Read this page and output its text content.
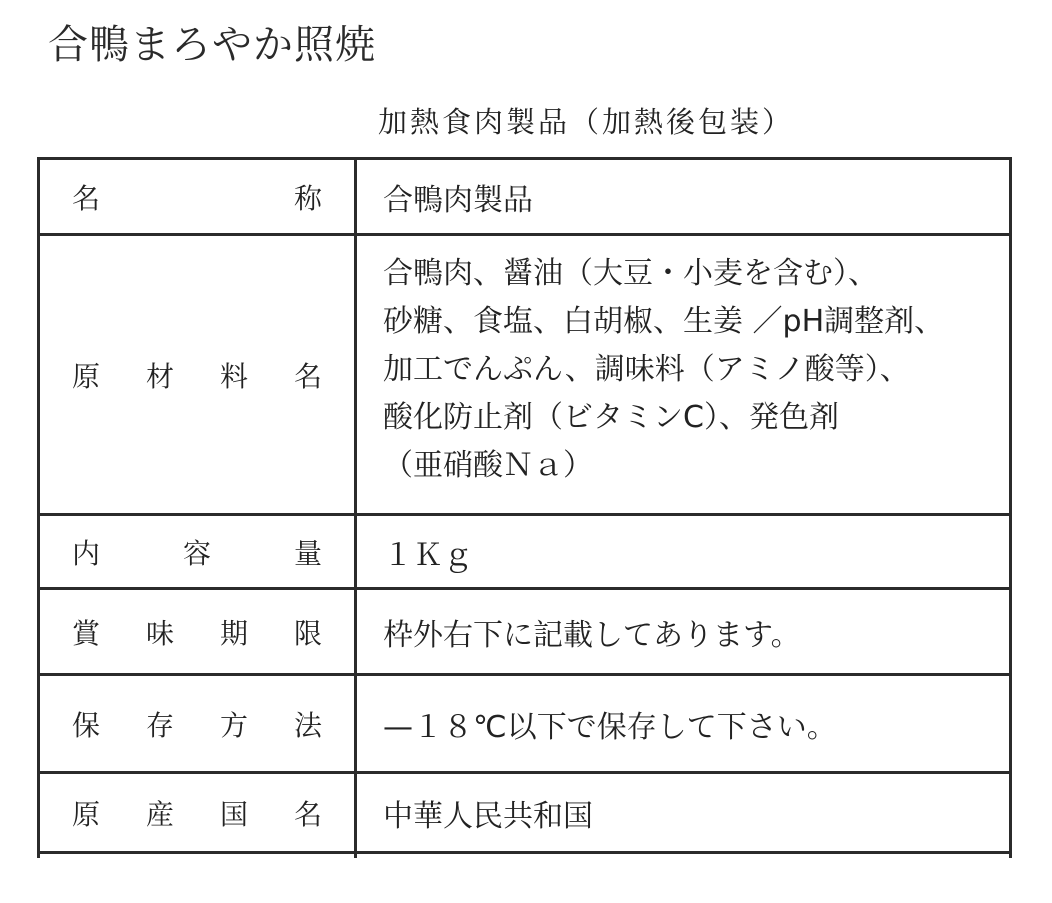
合鴨まろやか照焼
加熱食肉製品（加熱後包装）
名 称	合鴨肉製品

原 材 料 名	合鴨肉、醤油（大豆・小麦を含む）、
砂糖、食塩、白胡椒、生姜 ／pH調整剤、
加工でんぷん、調味料（アミノ酸等）、
酸化防止剤（ビタミンC）、発色剤
（亜硝酸Ｎａ）

内 容 量	１Ｋｇ

賞 味 期 限	枠外右下に記載してあります。

保 存 方 法	—１８℃以下で保存して下さい。

原 産 国 名	中華人民共和国
